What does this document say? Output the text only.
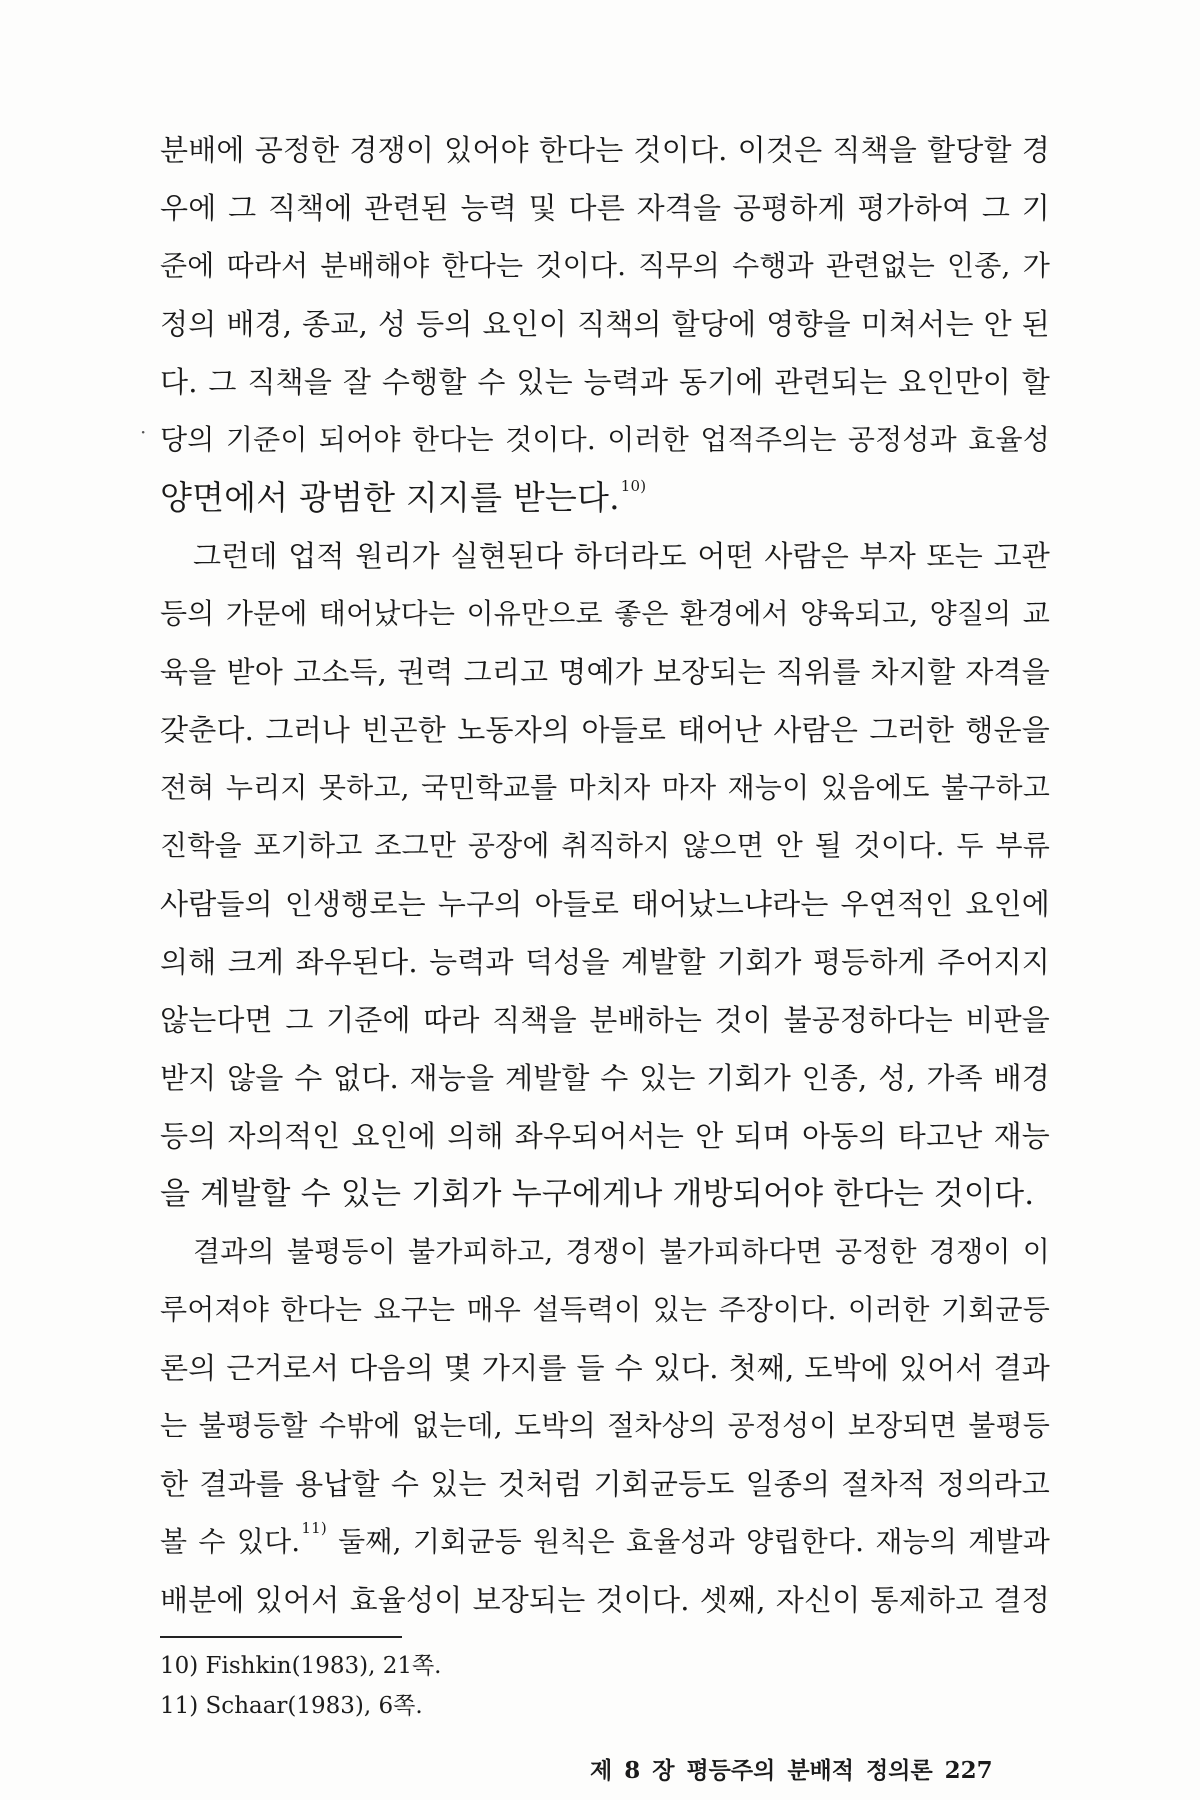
·
분배에 공정한 경쟁이 있어야 한다는 것이다. 이것은 직책을 할당할 경
우에 그 직책에 관련된 능력 및 다른 자격을 공평하게 평가하여 그 기
준에 따라서 분배해야 한다는 것이다. 직무의 수행과 관련없는 인종, 가
정의 배경, 종교, 성 등의 요인이 직책의 할당에 영향을 미쳐서는 안 된
다. 그 직책을 잘 수행할 수 있는 능력과 동기에 관련되는 요인만이 할
당의 기준이 되어야 한다는 것이다. 이러한 업적주의는 공정성과 효율성
양면에서 광범한 지지를 받는다.$^{10)}$
그런데 업적 원리가 실현된다 하더라도 어떤 사람은 부자 또는 고관
등의 가문에 태어났다는 이유만으로 좋은 환경에서 양육되고, 양질의 교
육을 받아 고소득, 권력 그리고 명예가 보장되는 직위를 차지할 자격을
갖춘다. 그러나 빈곤한 노동자의 아들로 태어난 사람은 그러한 행운을
전혀 누리지 못하고, 국민학교를 마치자 마자 재능이 있음에도 불구하고
진학을 포기하고 조그만 공장에 취직하지 않으면 안 될 것이다. 두 부류
사람들의 인생행로는 누구의 아들로 태어났느냐라는 우연적인 요인에
의해 크게 좌우된다. 능력과 덕성을 계발할 기회가 평등하게 주어지지
않는다면 그 기준에 따라 직책을 분배하는 것이 불공정하다는 비판을
받지 않을 수 없다. 재능을 계발할 수 있는 기회가 인종, 성, 가족 배경
등의 자의적인 요인에 의해 좌우되어서는 안 되며 아동의 타고난 재능
을 계발할 수 있는 기회가 누구에게나 개방되어야 한다는 것이다.
결과의 불평등이 불가피하고, 경쟁이 불가피하다면 공정한 경쟁이 이
루어져야 한다는 요구는 매우 설득력이 있는 주장이다. 이러한 기회균등
론의 근거로서 다음의 몇 가지를 들 수 있다. 첫째, 도박에 있어서 결과
는 불평등할 수밖에 없는데, 도박의 절차상의 공정성이 보장되면 불평등
한 결과를 용납할 수 있는 것처럼 기회균등도 일종의 절차적 정의라고
볼 수 있다.$^{11)}$ 둘째, 기회균등 원칙은 효율성과 양립한다. 재능의 계발과
배분에 있어서 효율성이 보장되는 것이다. 셋째, 자신이 통제하고 결정
10) Fishkin(1983), 21쪽.
11) Schaar(1983), 6쪽.
제 8 장 평등주의 분배적 정의론 227
